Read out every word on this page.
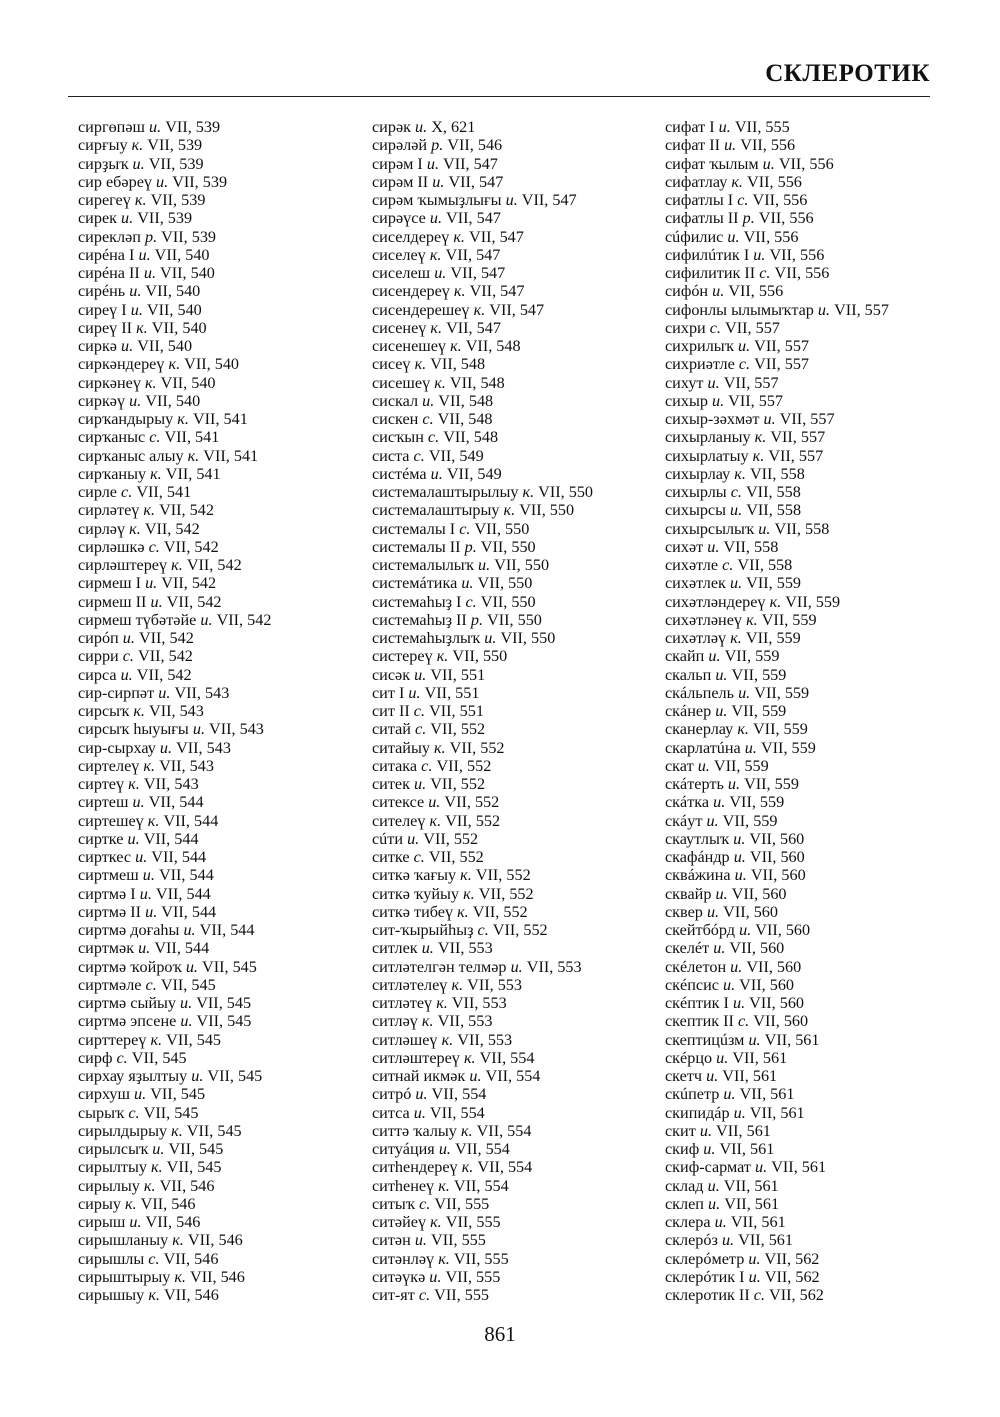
СКЛЕРОТИК
сиргөпәш и. VII, 539
сирғыу к. VII, 539
сирҙыҡ и. VII, 539
сир ебәреү и. VII, 539
сирегеү к. VII, 539
сирек и. VII, 539
сирекләп р. VII, 539
сирéна I и. VII, 540
сирéна II и. VII, 540
сирéнь и. VII, 540
сиреү I и. VII, 540
сиреү II к. VII, 540
сиркә и. VII, 540
сиркәндереү к. VII, 540
сиркәнеү к. VII, 540
сиркәү и. VII, 540
сирҡандырыу к. VII, 541
сирҡаныс с. VII, 541
сирҡаныс алыу к. VII, 541
сирҡаныу к. VII, 541
сирле с. VII, 541
сирләтеү к. VII, 542
сирләү к. VII, 542
сирләшкә с. VII, 542
сирләштереү к. VII, 542
сирмеш I и. VII, 542
сирмеш II и. VII, 542
сирмеш түбәтәйе и. VII, 542
сирóп и. VII, 542
сирри с. VII, 542
сирса и. VII, 542
сир-сирпәт и. VII, 543
сирсыҡ к. VII, 543
сирсыҡ һыуығы и. VII, 543
сир-сырхау и. VII, 543
сиртелеү к. VII, 543
сиртеү к. VII, 543
сиртеш и. VII, 544
сиртешеү к. VII, 544
сиртке и. VII, 544
сирткес и. VII, 544
сиртмеш и. VII, 544
сиртмә I и. VII, 544
сиртмә II и. VII, 544
сиртмә доғаһы и. VII, 544
сиртмәк и. VII, 544
сиртмә ҡойроҡ и. VII, 545
сиртмәле с. VII, 545
сиртмә сыйыу и. VII, 545
сиртмә эпсене и. VII, 545
сирттереү к. VII, 545
сирф с. VII, 545
сирхау яҙылтыу и. VII, 545
сирхуш и. VII, 545
сырыҡ с. VII, 545
сирылдырыу к. VII, 545
сирылсыҡ и. VII, 545
сирылтыу к. VII, 545
сирылыу к. VII, 546
сирыу к. VII, 546
сирыш и. VII, 546
сирышланыу к. VII, 546
сирышлы с. VII, 546
сирыштырыу к. VII, 546
сирышыу к. VII, 546
сирәк и. X, 621
сирәләй р. VII, 546
сирәм I и. VII, 547
сирәм II и. VII, 547
сирәм ҡымыҙлығы и. VII, 547
сирәүсе и. VII, 547
сиселдереү к. VII, 547
сиселеү к. VII, 547
сиселеш и. VII, 547
сисендереү к. VII, 547
сисендерешеү к. VII, 547
сисенеү к. VII, 547
сисенешеү к. VII, 548
сисеү к. VII, 548
сисешеү к. VII, 548
сискал и. VII, 548
сискен с. VII, 548
сисҡын с. VII, 548
систа с. VII, 549
систéма и. VII, 549
системалаштырылыу к. VII, 550
системалаштырыу к. VII, 550
системалы I с. VII, 550
системалы II р. VII, 550
системалылыҡ и. VII, 550
системáтика и. VII, 550
системаһыҙ I с. VII, 550
системаһыҙ II р. VII, 550
системаһыҙлыҡ и. VII, 550
систереү к. VII, 550
сисәк и. VII, 551
сит I и. VII, 551
сит II с. VII, 551
ситай с. VII, 552
ситайыу к. VII, 552
ситака с. VII, 552
ситек и. VII, 552
ситексе и. VII, 552
сителеү к. VII, 552
сúти и. VII, 552
ситке с. VII, 552
ситкә ҡағыу к. VII, 552
ситкә ҡуйыу к. VII, 552
ситкә тибеү к. VII, 552
сит-ҡырыйһыҙ с. VII, 552
ситлек и. VII, 553
ситләтелгән телмәр и. VII, 553
ситләтелеү к. VII, 553
ситләтеү к. VII, 553
ситләү к. VII, 553
ситләшеү к. VII, 553
ситләштереү к. VII, 554
ситнай икмәк и. VII, 554
ситрó и. VII, 554
ситса и. VII, 554
ситтә ҡалыу к. VII, 554
ситуáция и. VII, 554
ситһендереү к. VII, 554
ситһенеү к. VII, 554
ситыҡ с. VII, 555
ситәйеү к. VII, 555
ситән и. VII, 555
ситәнләү к. VII, 555
ситәүкә и. VII, 555
сит-ят с. VII, 555
сифат I и. VII, 555
сифат II и. VII, 556
сифат ҡылым и. VII, 556
сифатлау к. VII, 556
сифатлы I с. VII, 556
сифатлы II р. VII, 556
сúфилис и. VII, 556
сифилúтик I и. VII, 556
сифилитик II с. VII, 556
сифóн и. VII, 556
сифонлы ылымыҡтар и. VII, 557
сихри с. VII, 557
сихрилыҡ и. VII, 557
сихриәтле с. VII, 557
сихут и. VII, 557
сихыр и. VII, 557
сихыр-зәхмәт и. VII, 557
сихырланыу к. VII, 557
сихырлатыу к. VII, 557
сихырлау к. VII, 558
сихырлы с. VII, 558
сихырсы и. VII, 558
сихырсылыҡ и. VII, 558
сихәт и. VII, 558
сихәтле с. VII, 558
сихәтлек и. VII, 559
сихәтләндереү к. VII, 559
сихәтләнеү к. VII, 559
сихәтләү к. VII, 559
скайп и. VII, 559
скальп и. VII, 559
скáльпель и. VII, 559
скáнер и. VII, 559
сканерлау к. VII, 559
скарлатúна и. VII, 559
скат и. VII, 559
скáтерть и. VII, 559
скáтка и. VII, 559
скáут и. VII, 559
скаутлыҡ и. VII, 560
скафáндр и. VII, 560
сквáжина и. VII, 560
сквайр и. VII, 560
сквер и. VII, 560
скейтбóрд и. VII, 560
скелéт и. VII, 560
скéлетон и. VII, 560
скéпсис и. VII, 560
скéптик I и. VII, 560
скептик II с. VII, 560
скептицúзм и. VII, 561
скéрцо и. VII, 561
скетч и. VII, 561
скúпетр и. VII, 561
скипидáр и. VII, 561
скит и. VII, 561
скиф и. VII, 561
скиф-сармат и. VII, 561
склад и. VII, 561
склеп и. VII, 561
склера и. VII, 561
склерóз и. VII, 561
склерóметр и. VII, 562
склерóтик I и. VII, 562
склеротик II с. VII, 562
861
